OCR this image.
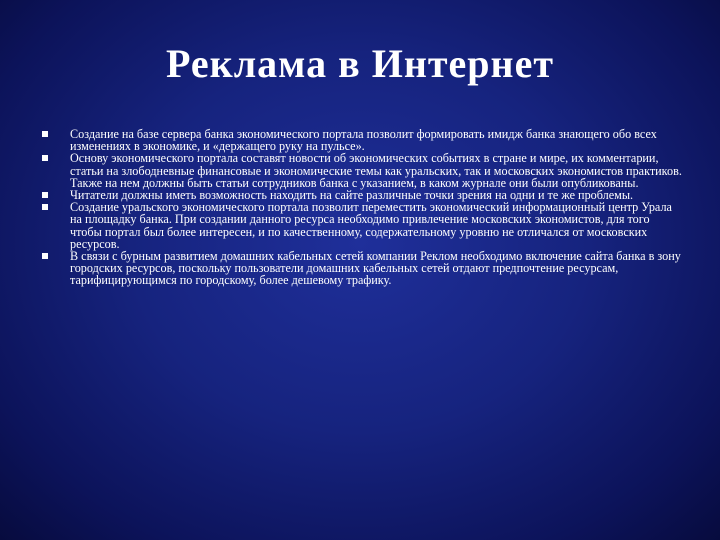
Реклама в Интернет
Создание на базе сервера банка экономического портала позволит формировать имидж банка знающего обо всех изменениях в экономике, и «держащего руку на пульсе».
Основу экономического портала составят новости об экономических событиях в стране и мире, их комментарии, статьи на злободневные финансовые и экономические темы как уральских, так и московских экономистов практиков. Также на нем должны быть статьи сотрудников банка с указанием, в каком журнале они были опубликованы.
Читатели должны иметь возможность находить на сайте различные точки зрения на одни и те же проблемы.
Создание уральского экономического портала позволит переместить экономический информационный центр Урала на площадку банка. При создании данного ресурса необходимо привлечение московских экономистов, для того чтобы портал был более интересен, и по качественному, содержательному уровню не отличался от московских ресурсов.
В связи с бурным развитием домашних кабельных сетей компании Реклом необходимо включение сайта банка в зону городских ресурсов, поскольку пользователи домашних кабельных сетей отдают предпочтение ресурсам, тарифицирующимся по городскому, более дешевому трафику.
